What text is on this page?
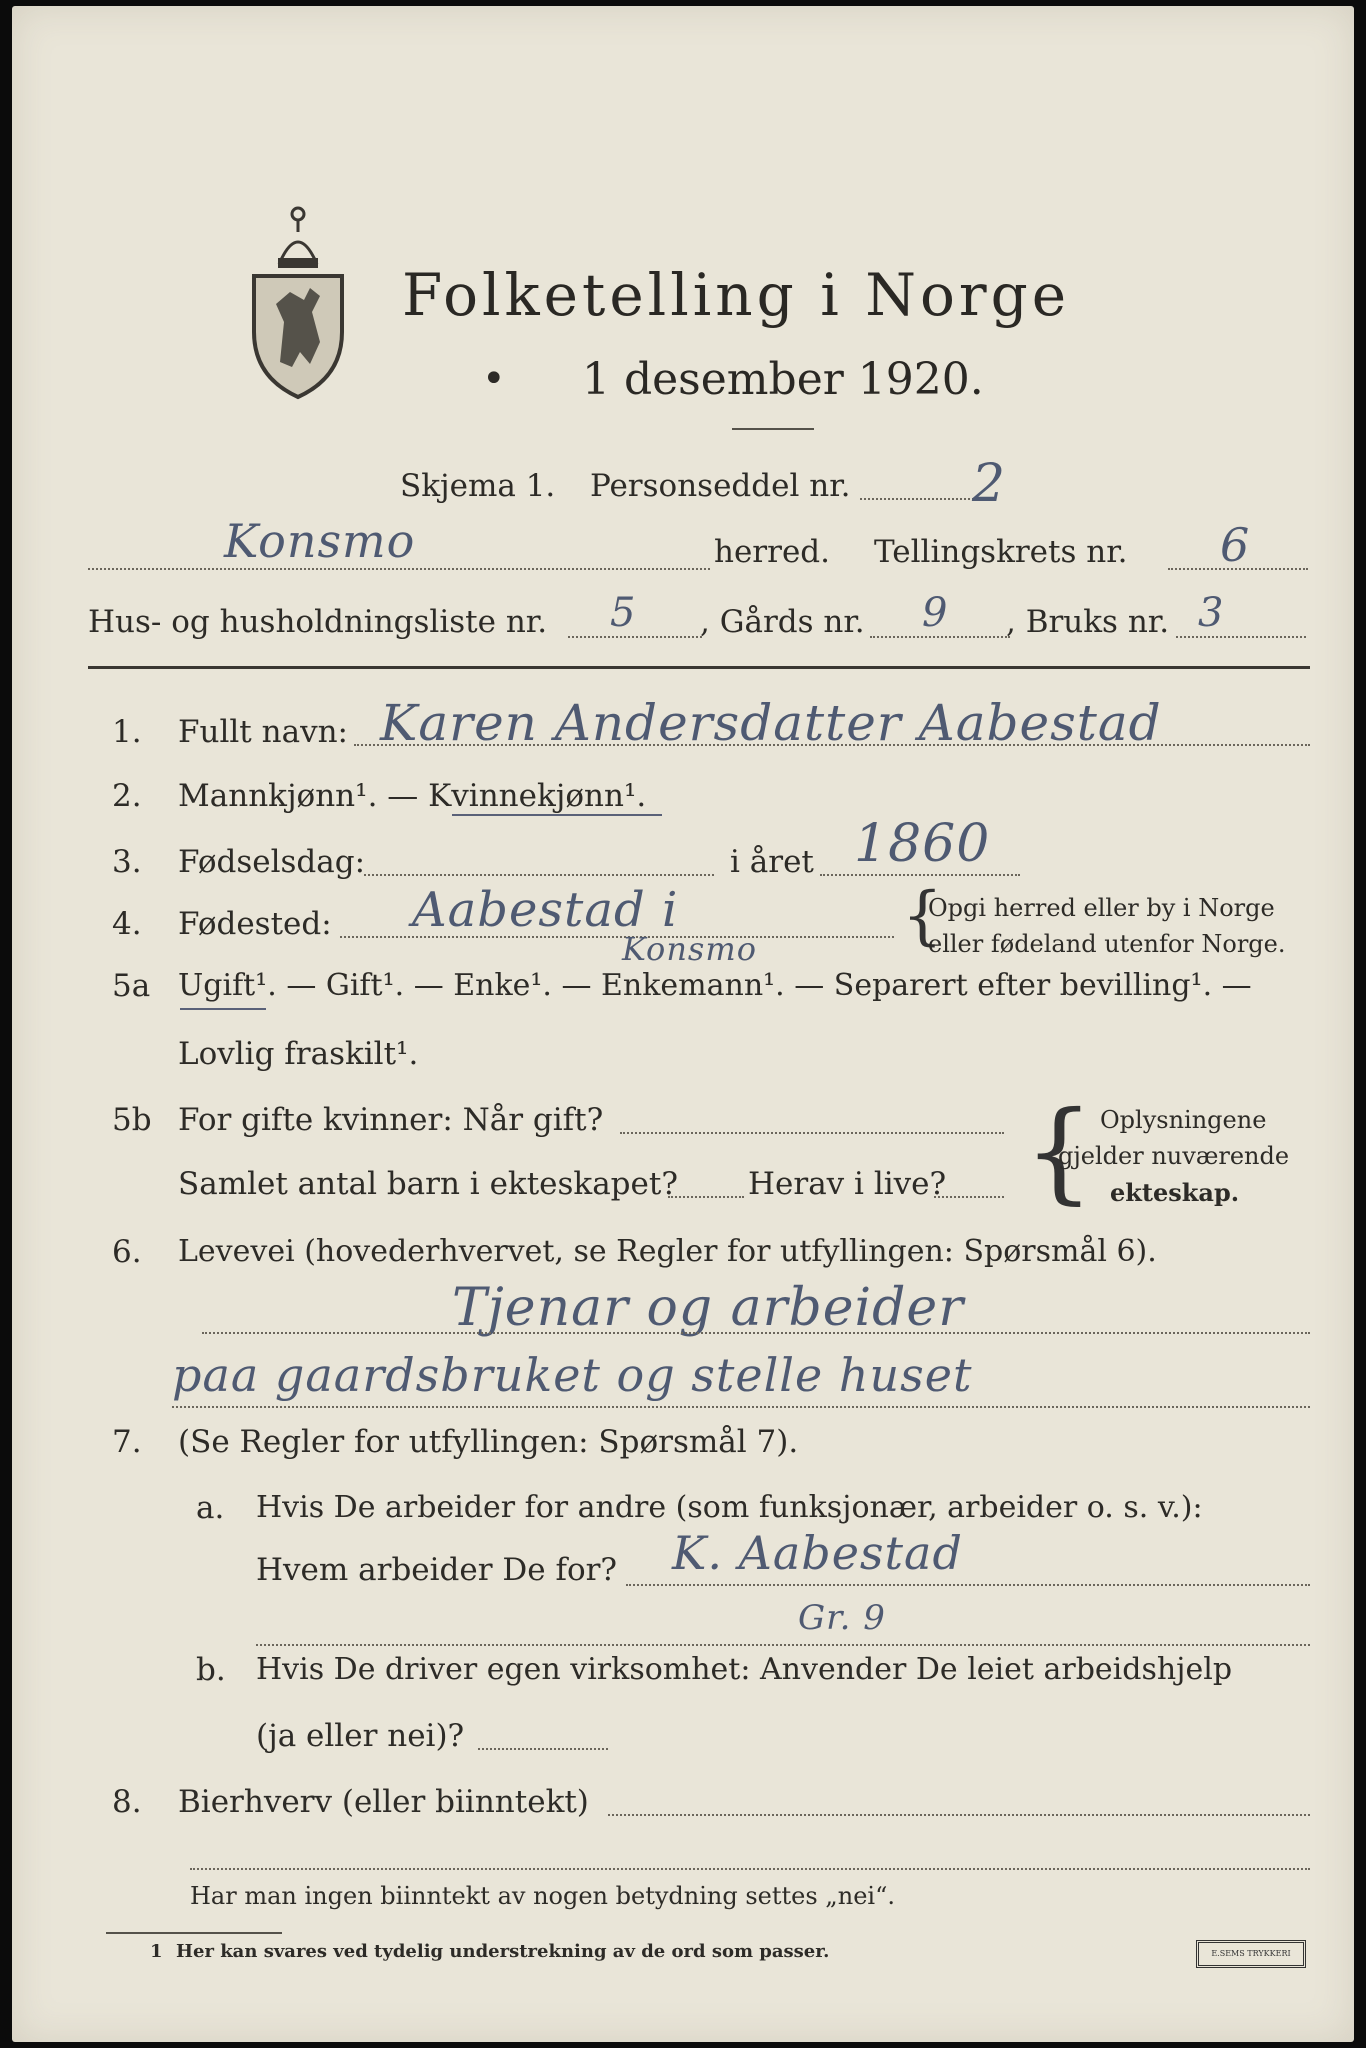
Folketelling i Norge
• 1 desember 1920.
Skjema 1. Personseddel nr. 2
Konsmo	herred. Tellingskrets nr. 6
Hus- og husholdningsliste nr. 5 , Gårds nr. 9 , Bruks nr. 3
1. Fullt navn: Karen Andersdatter Aabestad
2. Mannkjønn¹. — Kvinnekjønn¹.
3. Fødselsdag:	i året 1860
4. Fødested: Aabestad i
Konsmo {
Opgi herred eller by i Norge
eller fødeland utenfor Norge.
5a Ugift¹. — Gift¹. — Enke¹. — Enkemann¹. — Separert efter bevilling¹. —
Lovlig fraskilt¹.
5b For gifte kvinner: Når gift?
Samlet antal barn i ekteskapet? Herav i live? { Oplysningene
gjelder nuværende
ekteskap.
6. Levevei (hovederhvervet, se Regler for utfyllingen: Spørsmål 6).
Tjenar og arbeider
paa gaardsbruket og stelle huset
7. (Se Regler for utfyllingen: Spørsmål 7).
a. Hvis De arbeider for andre (som funksjonær, arbeider o. s. v.):
Hvem arbeider De for? K. Aabestad
Gr. 9
b. Hvis De driver egen virksomhet: Anvender De leiet arbeidshjelp
(ja eller nei)?
8. Bierhverv (eller biinntekt)
Har man ingen biinntekt av nogen betydning settes „nei“.
1 Her kan svares ved tydelig understrekning av de ord som passer.	E.SEMS TRYKKERI
